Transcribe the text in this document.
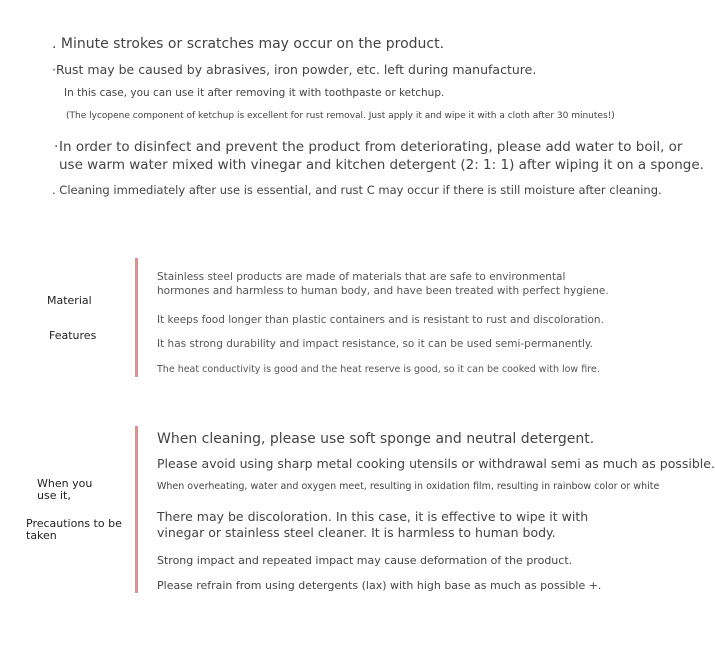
. Minute strokes or scratches may occur on the product.
·Rust may be caused by abrasives, iron powder, etc. left during manufacture.
In this case, you can use it after removing it with toothpaste or ketchup.
(The lycopene component of ketchup is excellent for rust removal. Just apply it and wipe it with a cloth after 30 minutes!)
· In order to disinfect and prevent the product from deteriorating, please add water to boil, or
use warm water mixed with vinegar and kitchen detergent (2: 1: 1) after wiping it on a sponge.
. Cleaning immediately after use is essential, and rust C may occur if there is still moisture after cleaning.
Material
Features
Stainless steel products are made of materials that are safe to environmental
hormones and harmless to human body, and have been treated with perfect hygiene.
It keeps food longer than plastic containers and is resistant to rust and discoloration.
It has strong durability and impact resistance, so it can be used semi-permanently.
The heat conductivity is good and the heat reserve is good, so it can be cooked with low fire.
When you
use it,
Precautions to be
taken
When cleaning, please use soft sponge and neutral detergent.
Please avoid using sharp metal cooking utensils or withdrawal semi as much as possible.
When overheating, water and oxygen meet, resulting in oxidation film, resulting in rainbow color or white
There may be discoloration. In this case, it is effective to wipe it with
vinegar or stainless steel cleaner. It is harmless to human body.
Strong impact and repeated impact may cause deformation of the product.
Please refrain from using detergents (lax) with high base as much as possible +.
